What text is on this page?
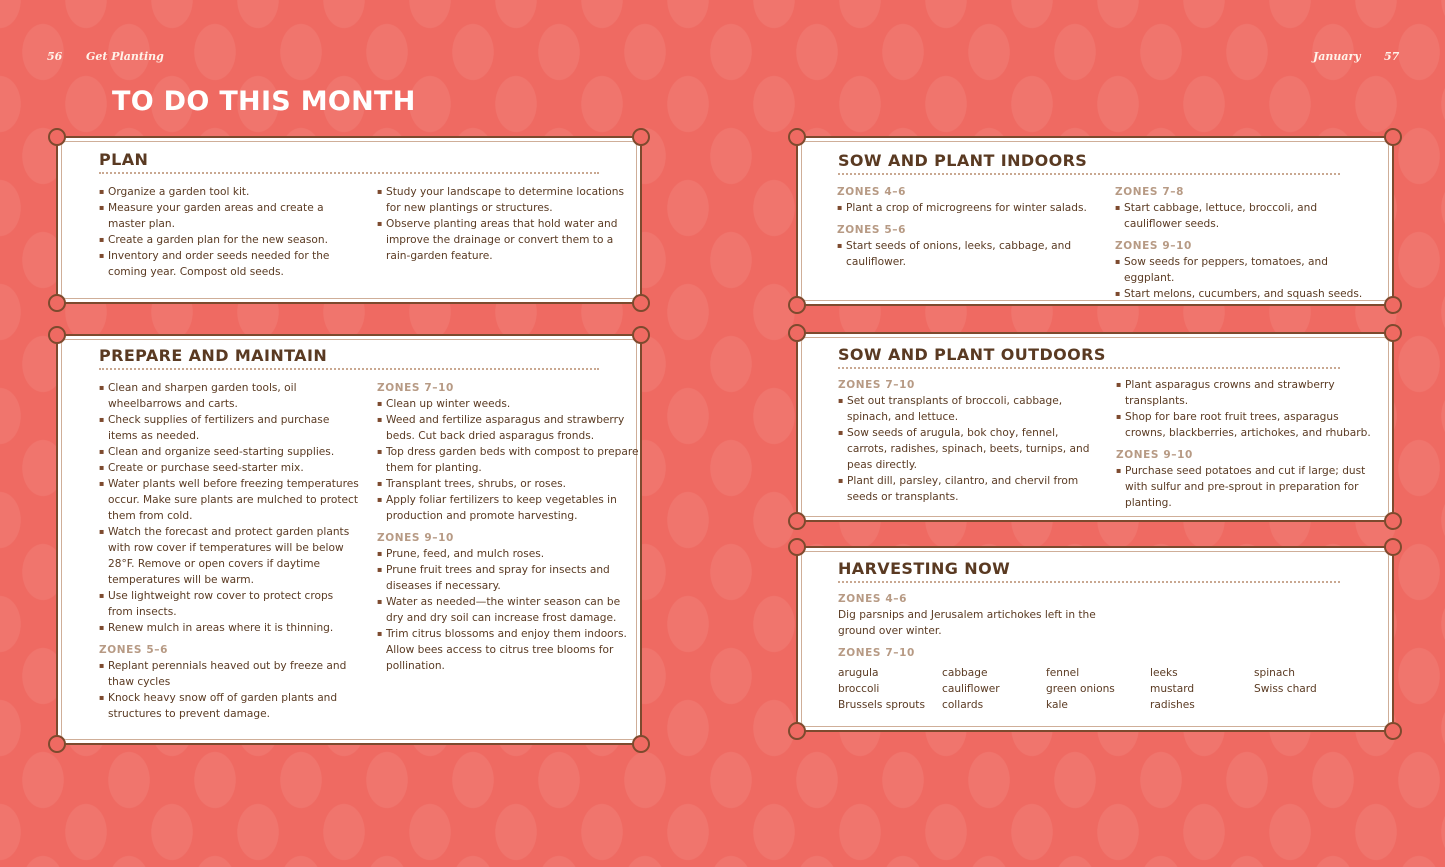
56 Get Planting	January 57
TO DO THIS MONTH
PLAN
▪ Organize a garden tool kit.
▪ Measure your garden areas and create a master plan.
▪ Create a garden plan for the new season.
▪ Inventory and order seeds needed for the coming year. Compost old seeds.
▪ Study your landscape to determine locations for new plantings or structures.
▪ Observe planting areas that hold water and improve the drainage or convert them to a rain-garden feature.
PREPARE AND MAINTAIN
▪ Clean and sharpen garden tools, oil wheelbarrows and carts.
▪ Check supplies of fertilizers and purchase items as needed.
▪ Clean and organize seed-starting supplies.
▪ Create or purchase seed-starter mix.
▪ Water plants well before freezing temperatures occur. Make sure plants are mulched to protect them from cold.
▪ Watch the forecast and protect garden plants with row cover if temperatures will be below 28°F. Remove or open covers if daytime temperatures will be warm.
▪ Use lightweight row cover to protect crops from insects.
▪ Renew mulch in areas where it is thinning.
ZONES 5–6
▪ Replant perennials heaved out by freeze and thaw cycles
▪ Knock heavy snow off of garden plants and structures to prevent damage.
ZONES 7–10
▪ Clean up winter weeds.
▪ Weed and fertilize asparagus and strawberry beds. Cut back dried asparagus fronds.
▪ Top dress garden beds with compost to prepare them for planting.
▪ Transplant trees, shrubs, or roses.
▪ Apply foliar fertilizers to keep vegetables in production and promote harvesting.
ZONES 9–10
▪ Prune, feed, and mulch roses.
▪ Prune fruit trees and spray for insects and diseases if necessary.
▪ Water as needed—the winter season can be dry and dry soil can increase frost damage.
▪ Trim citrus blossoms and enjoy them indoors. Allow bees access to citrus tree blooms for pollination.
SOW AND PLANT INDOORS
ZONES 4–6
▪ Plant a crop of microgreens for winter salads.
ZONES 5–6
▪ Start seeds of onions, leeks, cabbage, and cauliflower.
ZONES 7–8
▪ Start cabbage, lettuce, broccoli, and cauliflower seeds.
ZONES 9–10
▪ Sow seeds for peppers, tomatoes, and eggplant.
▪ Start melons, cucumbers, and squash seeds.
SOW AND PLANT OUTDOORS
ZONES 7–10
▪ Set out transplants of broccoli, cabbage, spinach, and lettuce.
▪ Sow seeds of arugula, bok choy, fennel, carrots, radishes, spinach, beets, turnips, and peas directly.
▪ Plant dill, parsley, cilantro, and chervil from seeds or transplants.
▪ Plant asparagus crowns and strawberry transplants.
▪ Shop for bare root fruit trees, asparagus crowns, blackberries, artichokes, and rhubarb.
ZONES 9–10
▪ Purchase seed potatoes and cut if large; dust with sulfur and pre-sprout in preparation for planting.
HARVESTING NOW
ZONES 4–6

Dig parsnips and Jerusalem artichokes left in the ground over winter.

ZONES 7–10
arugula
broccoli
Brussels sprouts
cabbage
cauliflower
collards
fennel
green onions
kale
leeks
mustard
radishes
spinach
Swiss chard
